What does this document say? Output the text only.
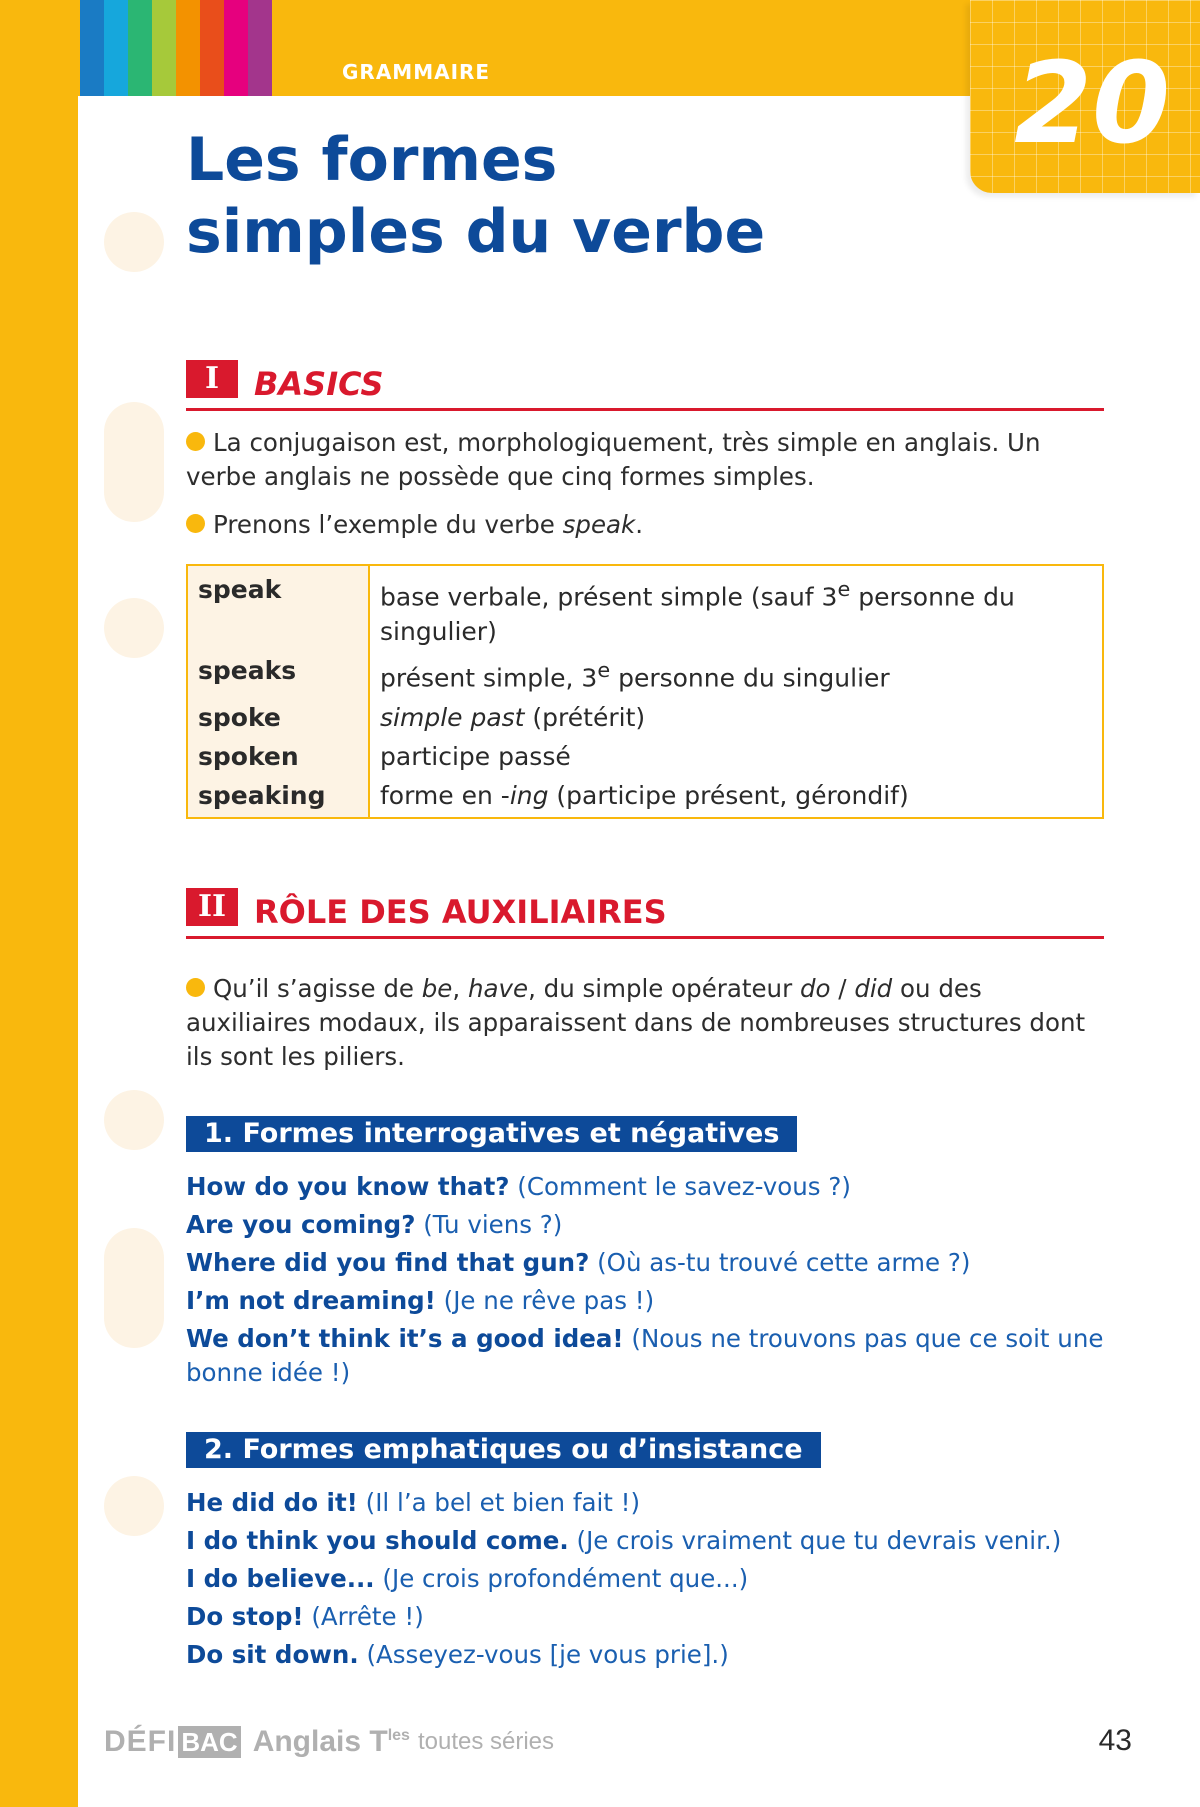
GRAMMAIRE	20
Les formes
simples du verbe
I	BASICS

La conjugaison est, morphologiquement, très simple en anglais. Un verbe anglais ne possède que cinq formes simples.

Prenons l’exemple du verbe speak.

speak	base verbale, présent simple (sauf 3e personne du singulier)
speaks	présent simple, 3e personne du singulier
spoke	simple past (prétérit)
spoken	participe passé
speaking	forme en -ing (participe présent, gérondif)
II RÔLE DES AUXILIAIRES

Qu’il s’agisse de be, have, du simple opérateur do / did ou des auxiliaires modaux, ils apparaissent dans de nombreuses structures dont ils sont les piliers.

1. Formes interrogatives et négatives
How do you know that? (Comment le savez-vous ?)
Are you coming? (Tu viens ?)
Where did you find that gun? (Où as-tu trouvé cette arme ?)
I’m not dreaming! (Je ne rêve pas !)
We don’t think it’s a good idea! (Nous ne trouvons pas que ce soit une bonne idée !)
2. Formes emphatiques ou d’insistance
He did do it! (Il l’a bel et bien fait !)
I do think you should come. (Je crois vraiment que tu devrais venir.)
I do believe... (Je crois profondément que...)
Do stop! (Arrête !)
Do sit down. (Asseyez-vous [je vous prie].)
DÉFI BAC Anglais $T^{les}$ toutes séries	43
